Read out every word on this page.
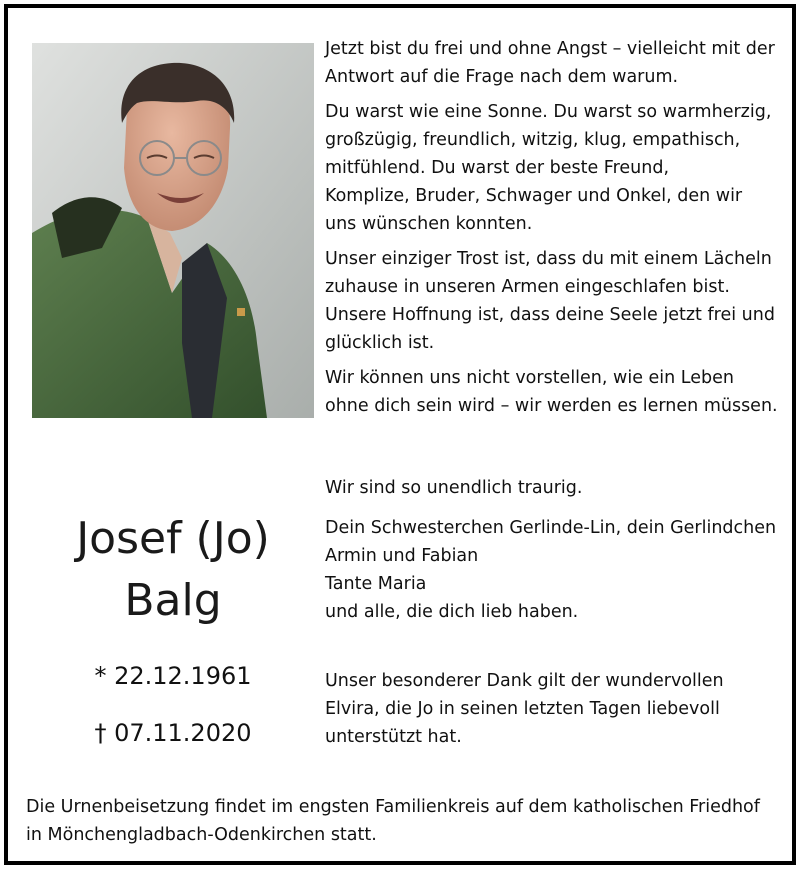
Jetzt bist du frei und ohne Angst – vielleicht mit der
Antwort auf die Frage nach dem warum.

Du warst wie eine Sonne. Du warst so warmherzig,
großzügig, freundlich, witzig, klug, empathisch,
mitfühlend. Du warst der beste Freund,
Komplize, Bruder, Schwager und Onkel, den wir
uns wünschen konnten.

Unser einziger Trost ist, dass du mit einem Lächeln
zuhause in unseren Armen eingeschlafen bist.
Unsere Hoffnung ist, dass deine Seele jetzt frei und
glücklich ist.

Wir können uns nicht vorstellen, wie ein Leben
ohne dich sein wird – wir werden es lernen müssen.

Josef (Jo)
Balg
* 22.12.1961
† 07.11.2020
Wir sind so unendlich traurig.
Dein Schwesterchen Gerlinde-Lin, dein Gerlindchen
Armin und Fabian
Tante Maria
und alle, die dich lieb haben.
Unser besonderer Dank gilt der wundervollen
Elvira, die Jo in seinen letzten Tagen liebevoll
unterstützt hat.
Die Urnenbeisetzung findet im engsten Familienkreis auf dem katholischen Friedhof
in Mönchengladbach-Odenkirchen statt.
